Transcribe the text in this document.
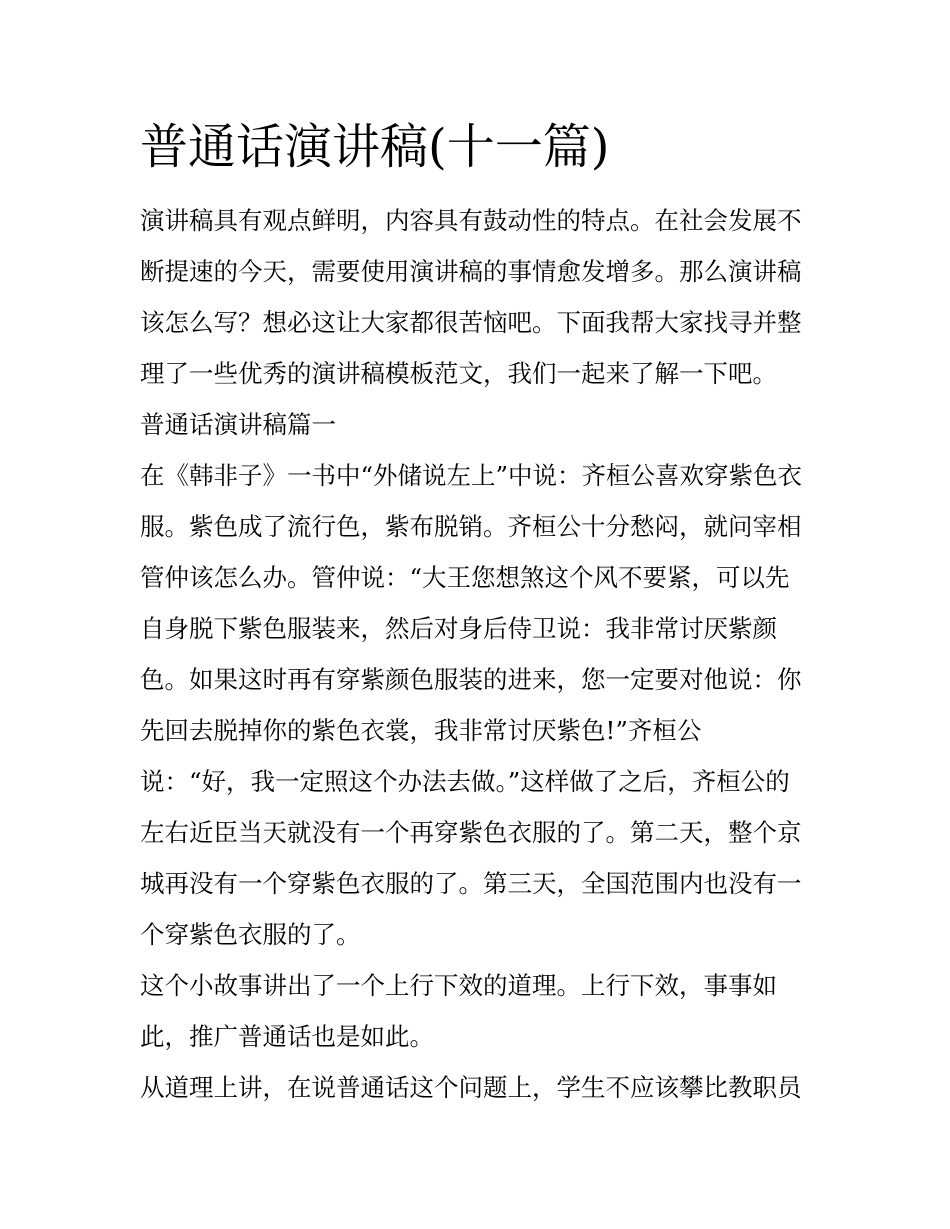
普通话演讲稿(十一篇)

演讲稿具有观点鲜明，内容具有鼓动性的特点。在社会发展不

断提速的今天，需要使用演讲稿的事情愈发增多。那么演讲稿

该怎么写？想必这让大家都很苦恼吧。下面我帮大家找寻并整

理了一些优秀的演讲稿模板范文，我们一起来了解一下吧。

普通话演讲稿篇一

在《韩非子》一书中“外储说左上”中说：齐桓公喜欢穿紫色衣

服。紫色成了流行色，紫布脱销。齐桓公十分愁闷，就问宰相

管仲该怎么办。管仲说：“大王您想煞这个风不要紧，可以先

自身脱下紫色服装来，然后对身后侍卫说：我非常讨厌紫颜

色。如果这时再有穿紫颜色服装的进来，您一定要对他说：你

先回去脱掉你的紫色衣裳，我非常讨厌紫色!”齐桓公

说：“好，我一定照这个办法去做。”这样做了之后，齐桓公的

左右近臣当天就没有一个再穿紫色衣服的了。第二天，整个京

城再没有一个穿紫色衣服的了。第三天，全国范围内也没有一

个穿紫色衣服的了。

这个小故事讲出了一个上行下效的道理。上行下效，事事如

此，推广普通话也是如此。

从道理上讲，在说普通话这个问题上，学生不应该攀比教职员
